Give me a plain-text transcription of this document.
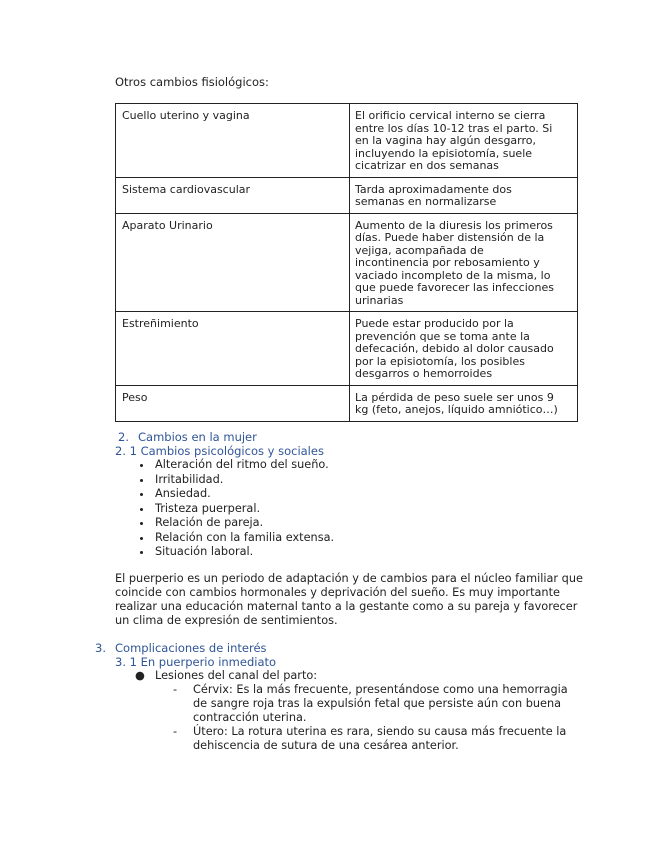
Otros cambios fisiológicos:
Cuello uterino y vagina	El orificio cervical interno se cierra entre los días 10-12 tras el parto. Si en la vagina hay algún desgarro, incluyendo la episiotomía, suele cicatrizar en dos semanas
Sistema cardiovascular	Tarda aproximadamente dos semanas en normalizarse
Aparato Urinario	Aumento de la diuresis los primeros días. Puede haber distensión de la vejiga, acompañada de incontinencia por rebosamiento y vaciado incompleto de la misma, lo que puede favorecer las infecciones urinarias
Estreñimiento	Puede estar producido por la prevención que se toma ante la defecación, debido al dolor causado por la episiotomía, los posibles desgarros o hemorroides
Peso	La pérdida de peso suele ser unos 9 kg (feto, anejos, líquido amniótico…)
2. Cambios en la mujer
2. 1 Cambios psicológicos y sociales
• Alteración del ritmo del sueño.
• Irritabilidad.
• Ansiedad.
• Tristeza puerperal.
• Relación de pareja.
• Relación con la familia extensa.
• Situación laboral.
El puerperio es un periodo de adaptación y de cambios para el núcleo familiar que coincide con cambios hormonales y deprivación del sueño. Es muy importante realizar una educación maternal tanto a la gestante como a su pareja y favorecer un clima de expresión de sentimientos.
3. Complicaciones de interés
3. 1 En puerperio inmediato
● Lesiones del canal del parto:
- Cérvix: Es la más frecuente, presentándose como una hemorragia de sangre roja tras la expulsión fetal que persiste aún con buena contracción uterina.
- Útero: La rotura uterina es rara, siendo su causa más frecuente la dehiscencia de sutura de una cesárea anterior.
